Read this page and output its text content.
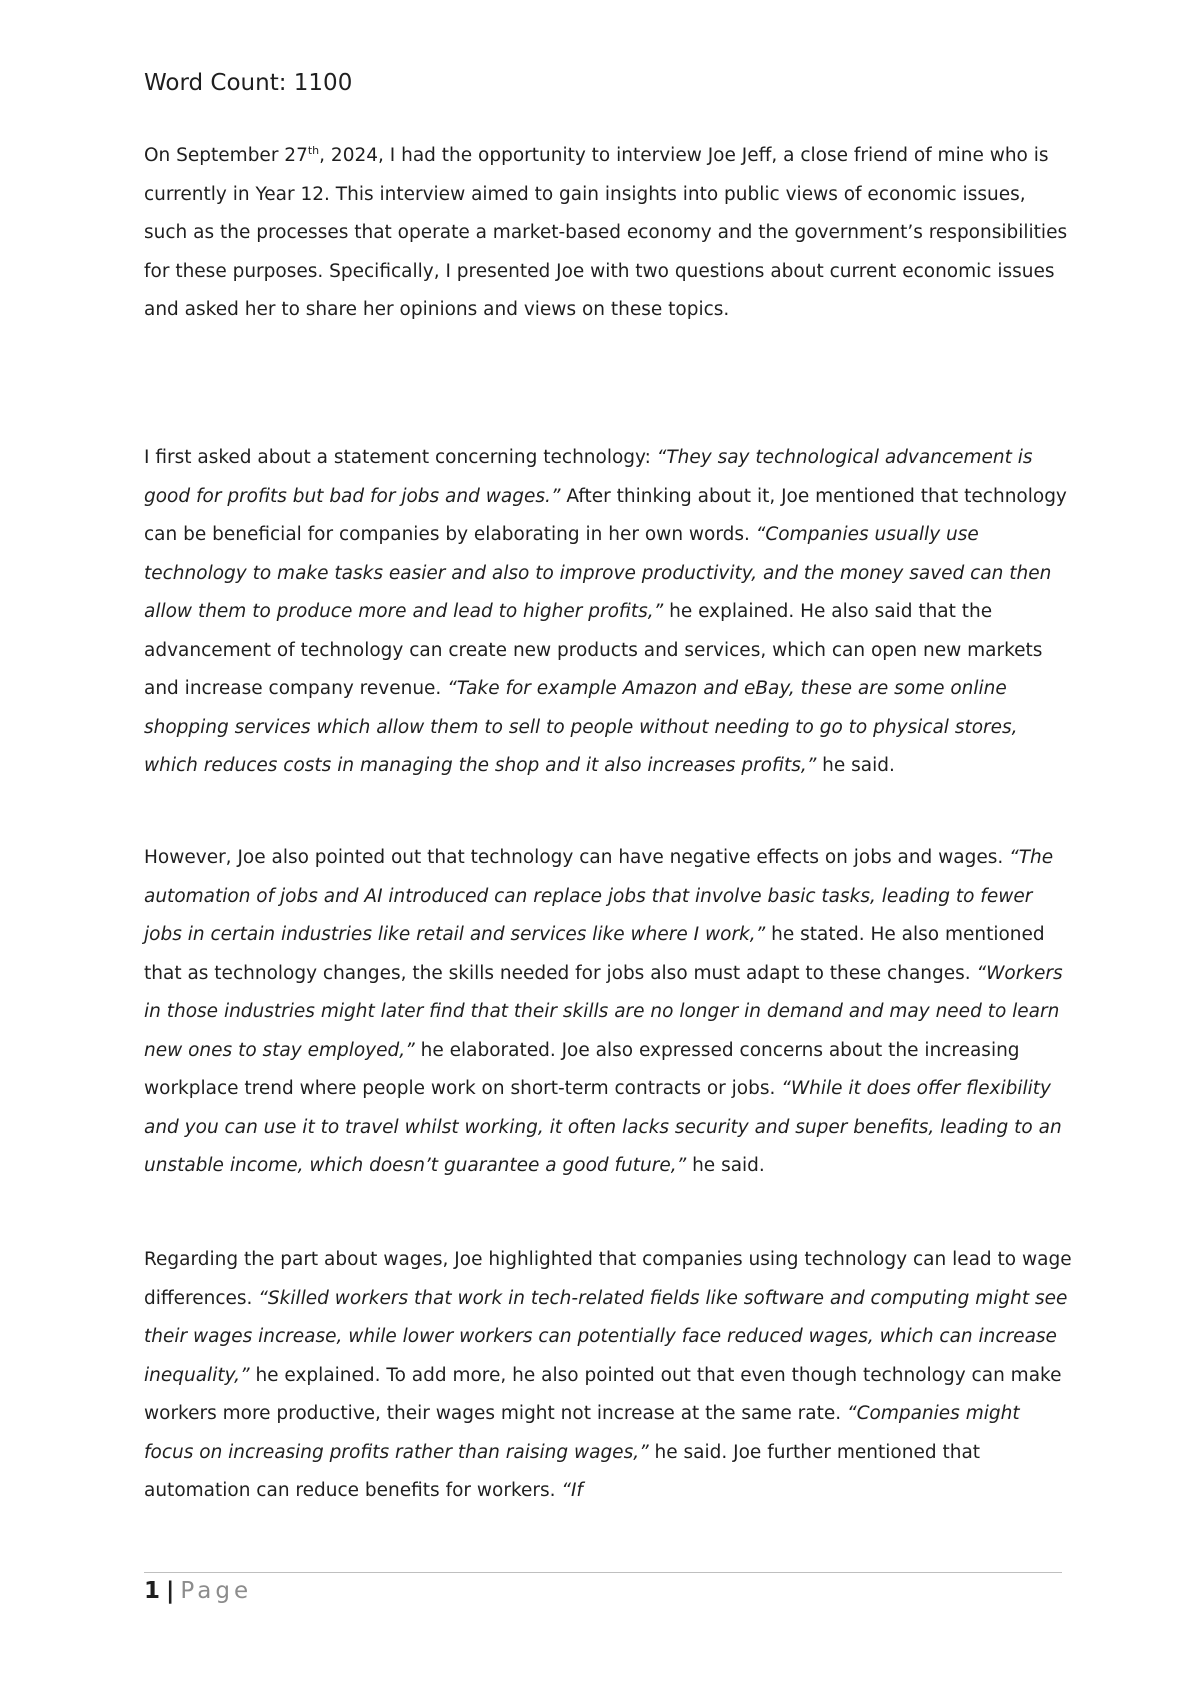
Word Count: 1100

On September 27th, 2024, I had the opportunity to interview Joe Jeff, a close friend of mine who is currently in Year 12. This interview aimed to gain insights into public views of economic issues, such as the processes that operate a market-based economy and the government’s responsibilities for these purposes. Specifically, I presented Joe with two questions about current economic issues and asked her to share her opinions and views on these topics.

I first asked about a statement concerning technology: “They say technological advancement is good for profits but bad for jobs and wages.” After thinking about it, Joe mentioned that technology can be beneficial for companies by elaborating in her own words. “Companies usually use technology to make tasks easier and also to improve productivity, and the money saved can then allow them to produce more and lead to higher profits,” he explained. He also said that the advancement of technology can create new products and services, which can open new markets and increase company revenue. “Take for example Amazon and eBay, these are some online shopping services which allow them to sell to people without needing to go to physical stores, which reduces costs in managing the shop and it also increases profits,” he said.

However, Joe also pointed out that technology can have negative effects on jobs and wages. “The automation of jobs and AI introduced can replace jobs that involve basic tasks, leading to fewer jobs in certain industries like retail and services like where I work,” he stated. He also mentioned that as technology changes, the skills needed for jobs also must adapt to these changes. “Workers in those industries might later find that their skills are no longer in demand and may need to learn new ones to stay employed,” he elaborated. Joe also expressed concerns about the increasing workplace trend where people work on short-term contracts or jobs. “While it does offer flexibility and you can use it to travel whilst working, it often lacks security and super benefits, leading to an unstable income, which doesn’t guarantee a good future,” he said.

Regarding the part about wages, Joe highlighted that companies using technology can lead to wage differences. “Skilled workers that work in tech-related fields like software and computing might see their wages increase, while lower workers can potentially face reduced wages, which can increase inequality,” he explained. To add more, he also pointed out that even though technology can make workers more productive, their wages might not increase at the same rate. “Companies might focus on increasing profits rather than raising wages,” he said. Joe further mentioned that automation can reduce benefits for workers. “If

1 | Page
